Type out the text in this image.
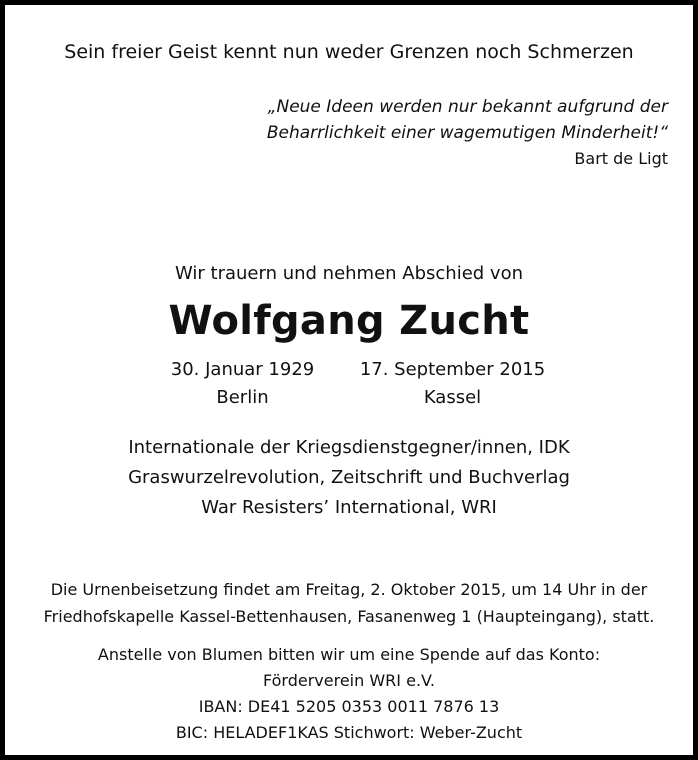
Sein freier Geist kennt nun weder Grenzen noch Schmerzen
„Neue Ideen werden nur bekannt aufgrund der
Beharrlichkeit einer wagemutigen Minderheit!“
Bart de Ligt
Wir trauern und nehmen Abschied von
Wolfgang Zucht
30. Januar 1929
Berlin
17. September 2015
Kassel
Internationale der Kriegsdienstgegner/innen, IDK
Graswurzelrevolution, Zeitschrift und Buchverlag
War Resisters’ International, WRI
Die Urnenbeisetzung findet am Freitag, 2. Oktober 2015, um 14 Uhr in der
Friedhofskapelle Kassel-Bettenhausen, Fasanenweg 1 (Haupteingang), statt.
Anstelle von Blumen bitten wir um eine Spende auf das Konto:
Förderverein WRI e.V.
IBAN: DE41 5205 0353 0011 7876 13
BIC: HELADEF1KAS Stichwort: Weber-Zucht
